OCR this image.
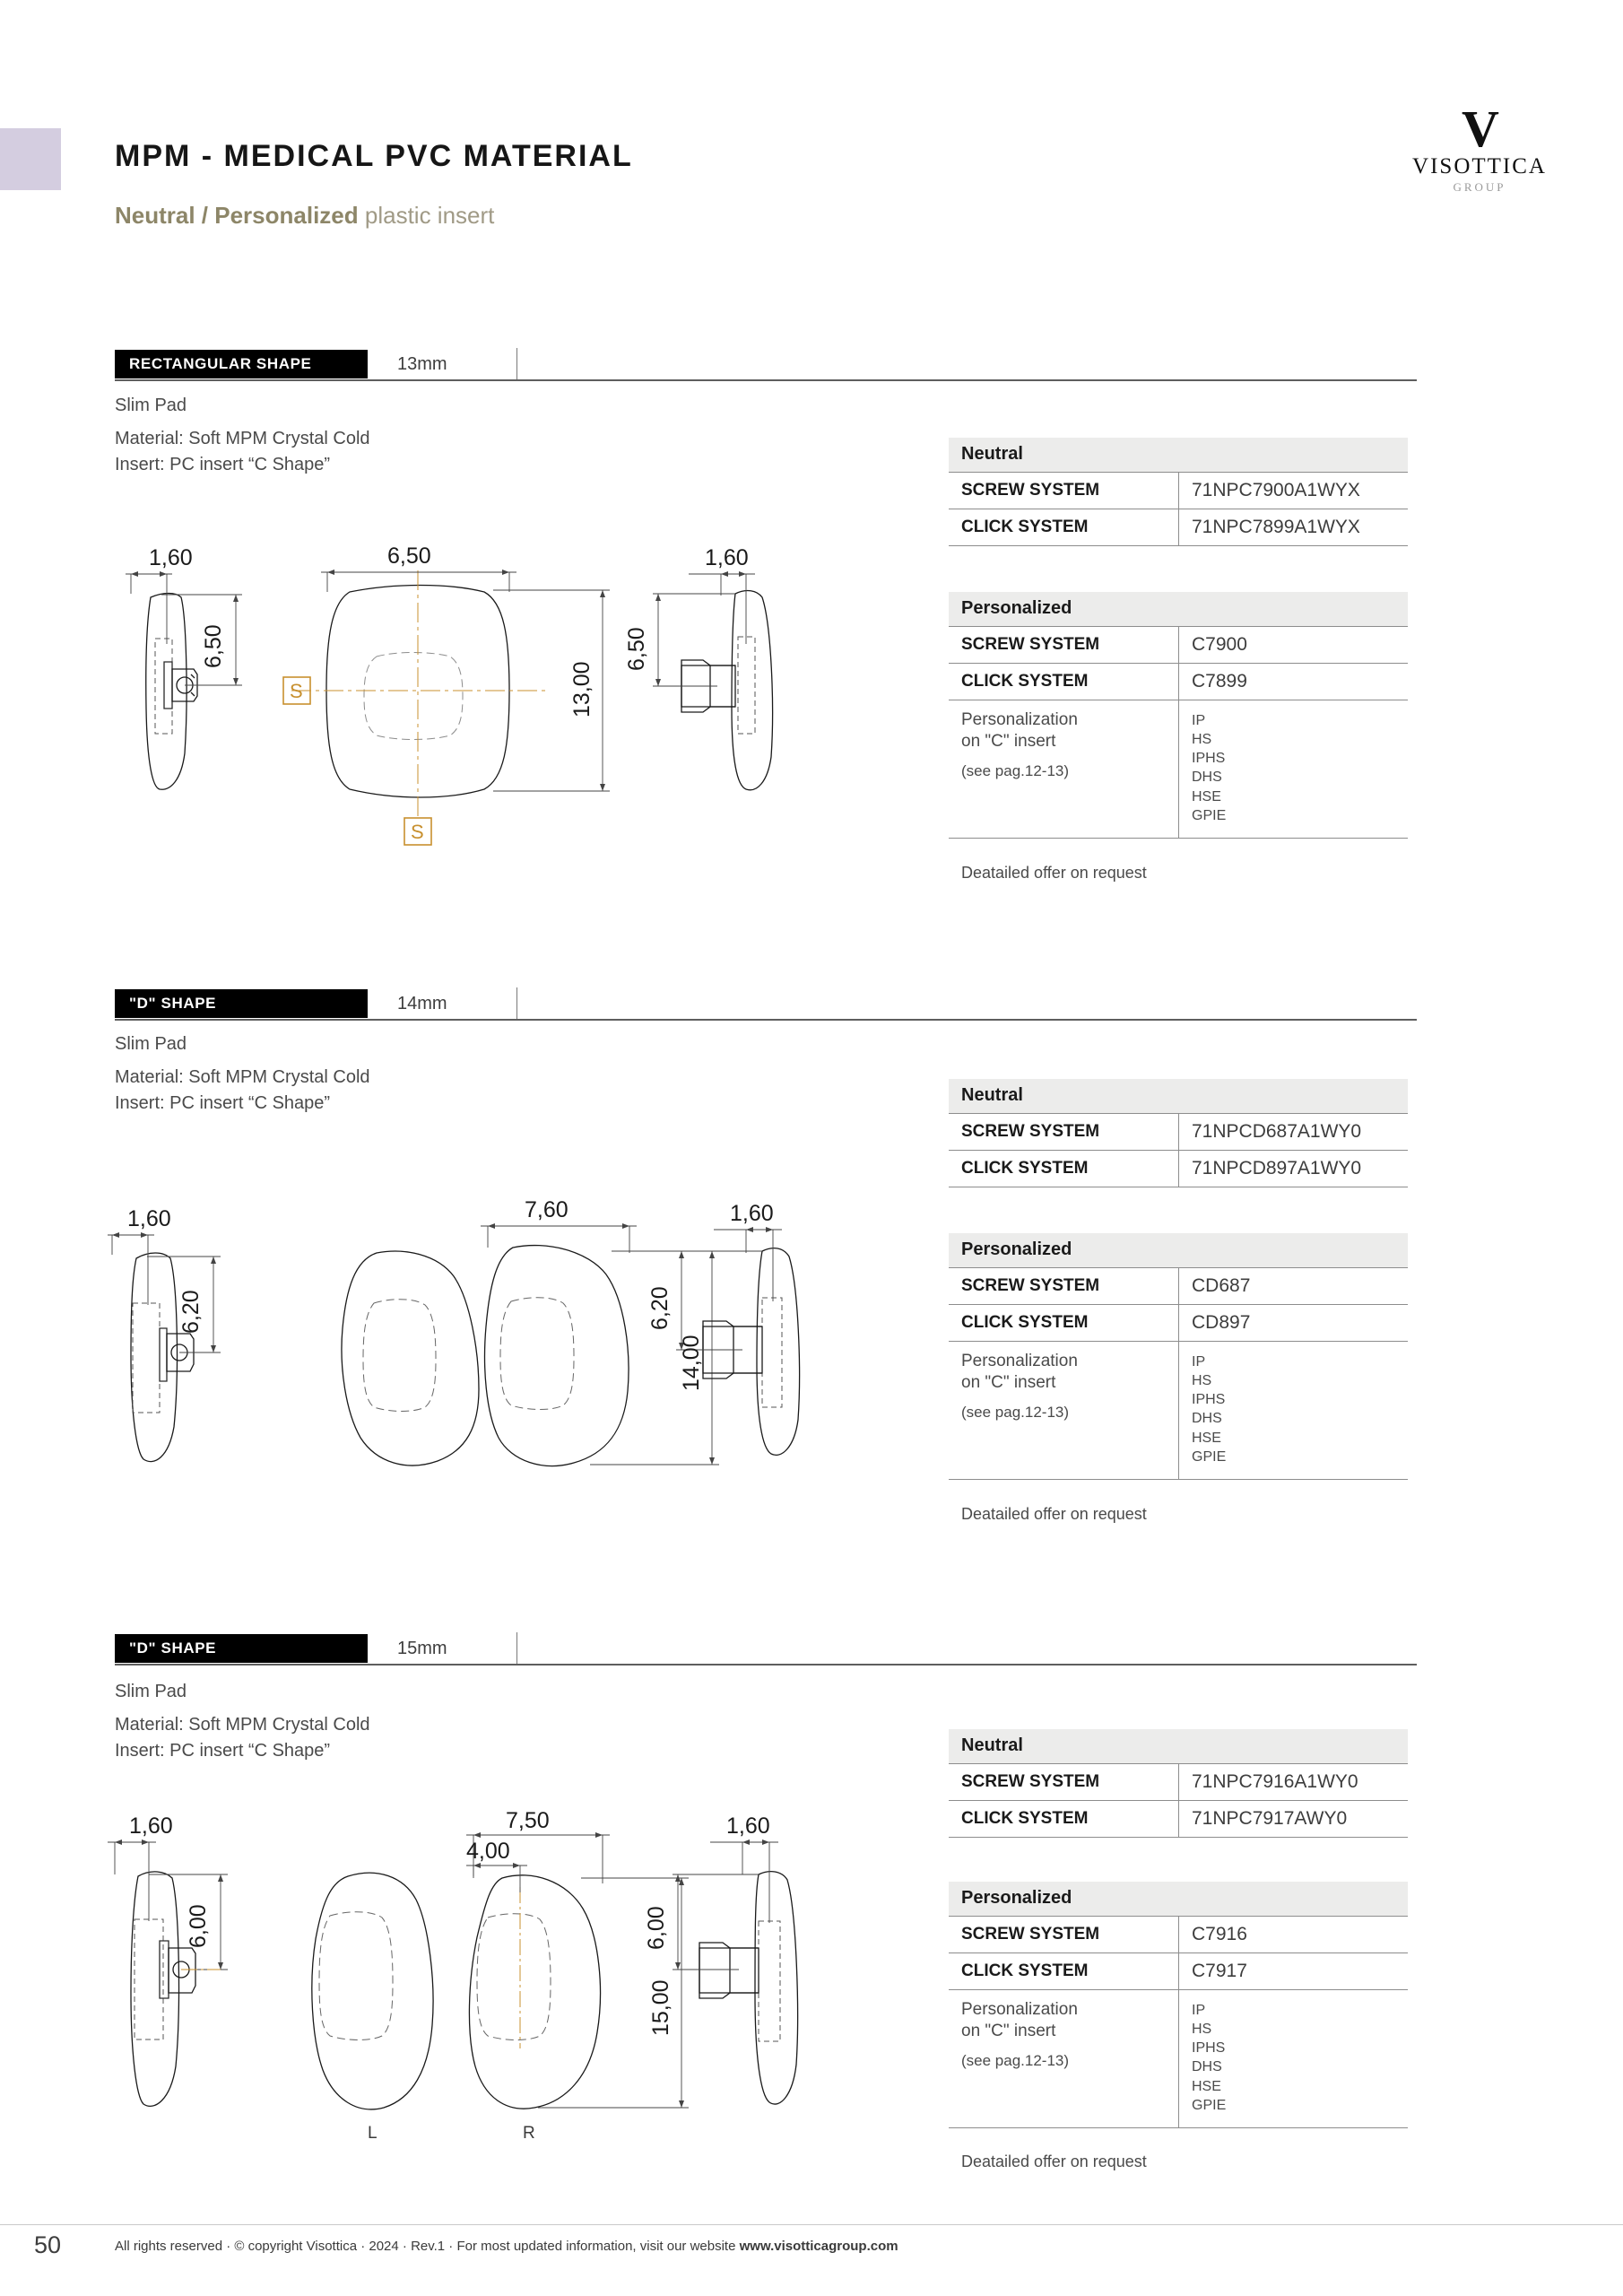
MPM - MEDICAL PVC MATERIAL
Neutral / Personalized plastic insert
V
VISOTTICA
GROUP
RECTANGULAR SHAPE	13mm
Slim Pad
Material: Soft MPM Crystal Cold
Insert: PC insert “C Shape”
1,60
6,50
6,50
13,00
1,60
6,50
S
S
Neutral	
SCREW SYSTEM	71NPC7900A1WYX
CLICK SYSTEM	71NPC7899A1WYX
Personalized	
SCREW SYSTEM	C7900
CLICK SYSTEM	C7899

Personalization
on "C" insert
(see pag.12-13)

IP
HS
IPHS
DHS
HSE
GPIE
Deatailed offer on request
"D" SHAPE	14mm
Slim Pad
Material: Soft MPM Crystal Cold
Insert: PC insert “C Shape”
1,60
6,20
7,60
14,00
1,60
6,20
Neutral	
SCREW SYSTEM	71NPCD687A1WY0
CLICK SYSTEM	71NPCD897A1WY0
Personalized	
SCREW SYSTEM	CD687
CLICK SYSTEM	CD897

Personalization
on "C" insert
(see pag.12-13)

IP
HS
IPHS
DHS
HSE
GPIE
Deatailed offer on request
"D" SHAPE	15mm
Slim Pad
Material: Soft MPM Crystal Cold
Insert: PC insert “C Shape”
1,60
6,00
7,50
4,00
15,00
1,60
6,00
L	R
Neutral	
SCREW SYSTEM	71NPC7916A1WY0
CLICK SYSTEM	71NPC7917AWY0
Personalized	
SCREW SYSTEM	C7916
CLICK SYSTEM	C7917

Personalization
on "C" insert
(see pag.12-13)

IP
HS
IPHS
DHS
HSE
GPIE
Deatailed offer on request
50	All rights reserved · © copyright Visottica · 2024 · Rev.1 · For most updated information, visit our website www.visotticagroup.com
